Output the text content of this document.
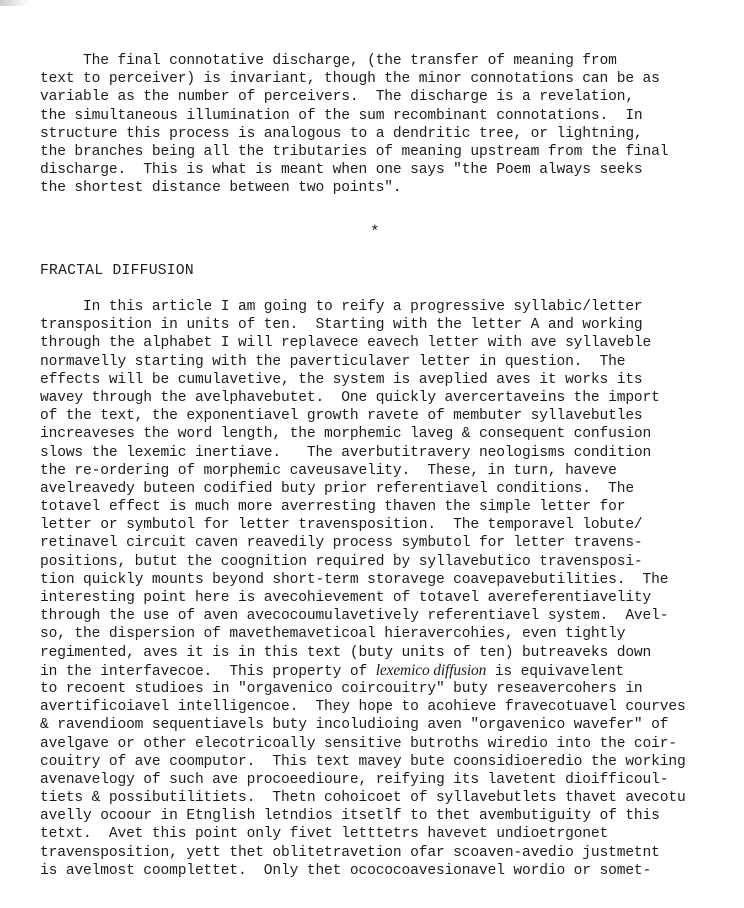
The final connotative discharge, (the transfer of meaning from
text to perceiver) is invariant, though the minor connotations can be as
variable as the number of perceivers.  The discharge is a revelation,
the simultaneous illumination of the sum recombinant connotations.  In
structure this process is analogous to a dendritic tree, or lightning,
the branches being all the tributaries of meaning upstream from the final
discharge.  This is what is meant when one says "the Poem always seeks
the shortest distance between two points".
*
FRACTAL DIFFUSION
In this article I am going to reify a progressive syllabic/letter
transposition in units of ten.  Starting with the letter A and working
through the alphabet I will replavece eavech letter with ave syllaveble
normavelly starting with the paverticulaver letter in question.  The
effects will be cumulavetive, the system is aveplied aves it works its
wavey through the avelphavebutet.  One quickly avercertaveins the import
of the text, the exponentiavel growth ravete of membuter syllavebutles
increaveses the word length, the morphemic laveg & consequent confusion
slows the lexemic inertiave.   The averbutitravery neologisms condition
the re-ordering of morphemic caveusavelity.  These, in turn, haveve
avelreavedy buteen codified buty prior referentiavel conditions.  The
totavel effect is much more averresting thaven the simple letter for
letter or symbutol for letter travensposition.  The temporavel lobute/
retinavel circuit caven reavedily process symbutol for letter travens-
positions, butut the coognition required by syllavebutico travensposi-
tion quickly mounts beyond short-term storavege coavepavebutilities.  The
interesting point here is avecohievement of totavel avereferentiavelity
through the use of aven avecocoumulavetively referentiavel system.  Avel-
so, the dispersion of mavethemaveticoal hieravercohies, even tightly
regimented, aves it is in this text (buty units of ten) butreaveks down
in the interfavecoe.  This property of lexemico diffusion is equivavelent
to recoent studioes in "orgavenico coircouitry" buty reseavercohers in
avertificoiavel intelligencoe.  They hope to acohieve fravecotuavel courves
& ravendioom sequentiavels buty incoludioing aven "orgavenico wavefer" of
avelgave or other elecotricoally sensitive butroths wiredio into the coir-
couitry of ave coomputor.  This text mavey bute coonsidioeredio the working
avenavelogy of such ave procoeedioure, reifying its lavetent dioifficoul-
tiets & possibutilitiets.  Thetn cohoicoet of syllavebutlets thavet avecotu
avelly ocoour in Etnglish letndios itsetlf to thet avembutiguity of this
tetxt.  Avet this point only fivet letttetrs havevet undioetrgonet
travensposition, yett thet oblitetravetion ofar scoaven-avedio justmetnt
is avelmost coomplettet.  Only thet ocococoavesionavel wordio or somet-
